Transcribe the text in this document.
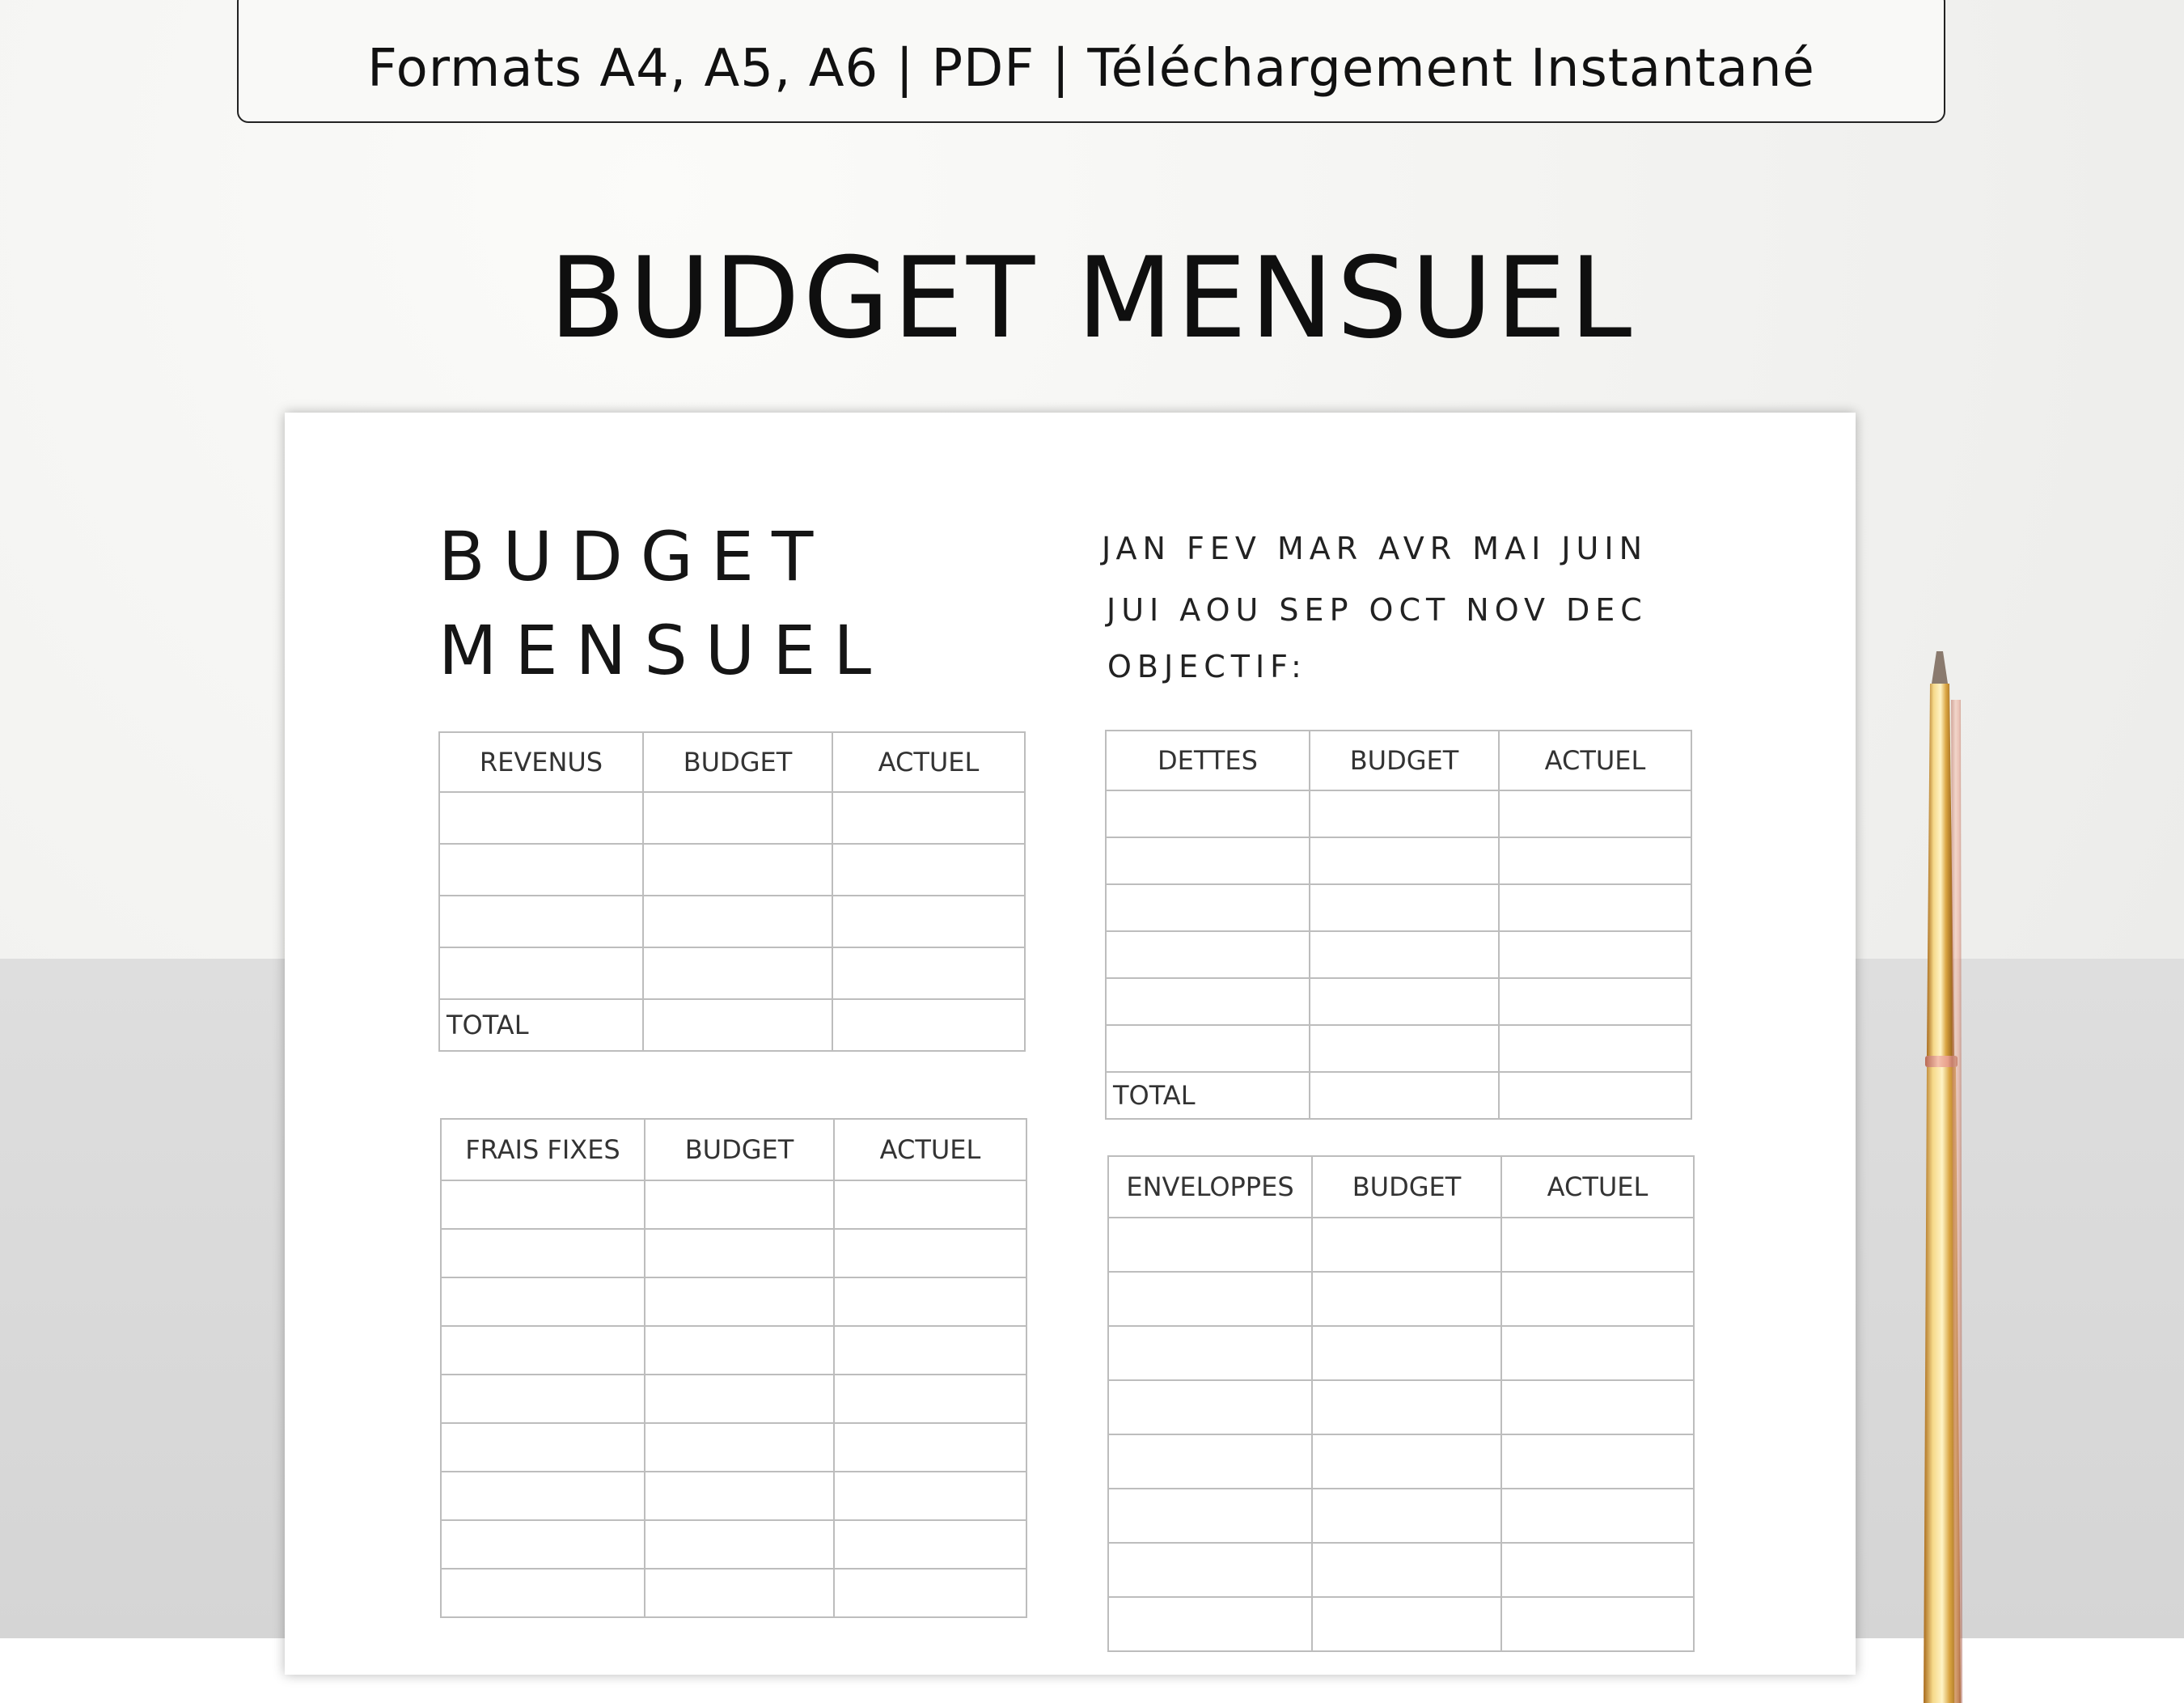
Formats A4, A5, A6 | PDF | Téléchargement Instantané
BUDGET MENSUEL
BUDGET
MENSUEL
JAN FEV MAR AVR MAI JUIN
JUI AOU SEP OCT NOV DEC
OBJECTIF:
REVENUS	BUDGET	ACTUEL

TOTAL		
FRAIS FIXES	BUDGET	ACTUEL

DETTES	BUDGET	ACTUEL

TOTAL		
ENVELOPPES	BUDGET	ACTUEL
